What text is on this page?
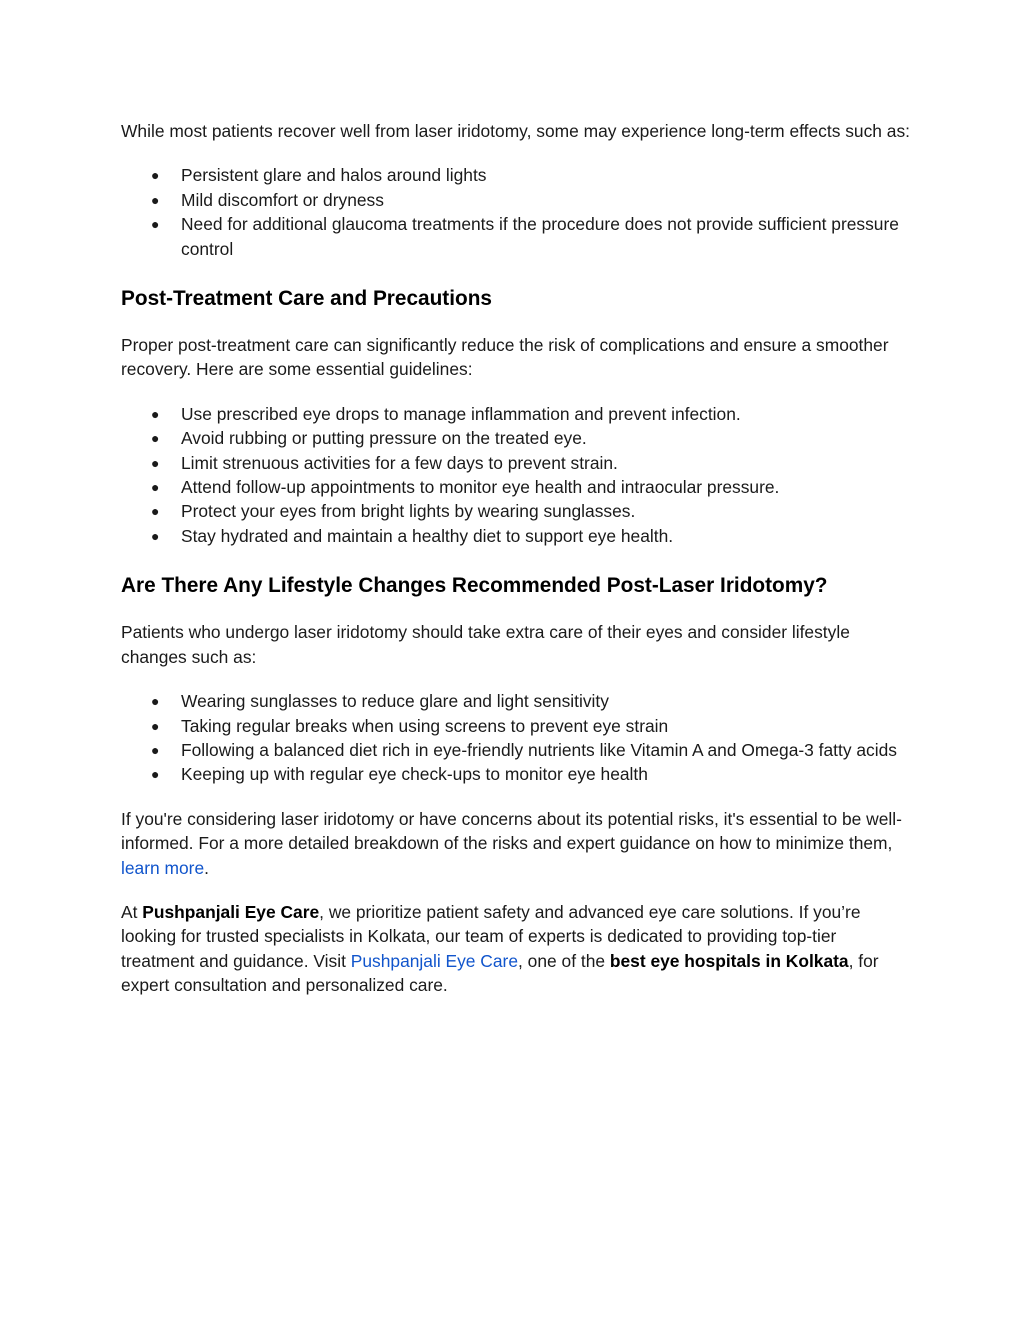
While most patients recover well from laser iridotomy, some may experience long-term effects such as:

● Persistent glare and halos around lights
● Mild discomfort or dryness
● Need for additional glaucoma treatments if the procedure does not provide sufficient pressure control
Post-Treatment Care and Precautions

Proper post-treatment care can significantly reduce the risk of complications and ensure a smoother recovery. Here are some essential guidelines:

● Use prescribed eye drops to manage inflammation and prevent infection.
● Avoid rubbing or putting pressure on the treated eye.
● Limit strenuous activities for a few days to prevent strain.
● Attend follow-up appointments to monitor eye health and intraocular pressure.
● Protect your eyes from bright lights by wearing sunglasses.
● Stay hydrated and maintain a healthy diet to support eye health.
Are There Any Lifestyle Changes Recommended Post-Laser Iridotomy?

Patients who undergo laser iridotomy should take extra care of their eyes and consider lifestyle changes such as:

● Wearing sunglasses to reduce glare and light sensitivity
● Taking regular breaks when using screens to prevent eye strain
● Following a balanced diet rich in eye-friendly nutrients like Vitamin A and Omega-3 fatty acids
● Keeping up with regular eye check-ups to monitor eye health

If you're considering laser iridotomy or have concerns about its potential risks, it's essential to be well-informed. For a more detailed breakdown of the risks and expert guidance on how to minimize them, learn more.

At Pushpanjali Eye Care, we prioritize patient safety and advanced eye care solutions. If you’re looking for trusted specialists in Kolkata, our team of experts is dedicated to providing top-tier treatment and guidance. Visit Pushpanjali Eye Care, one of the best eye hospitals in Kolkata, for expert consultation and personalized care.
